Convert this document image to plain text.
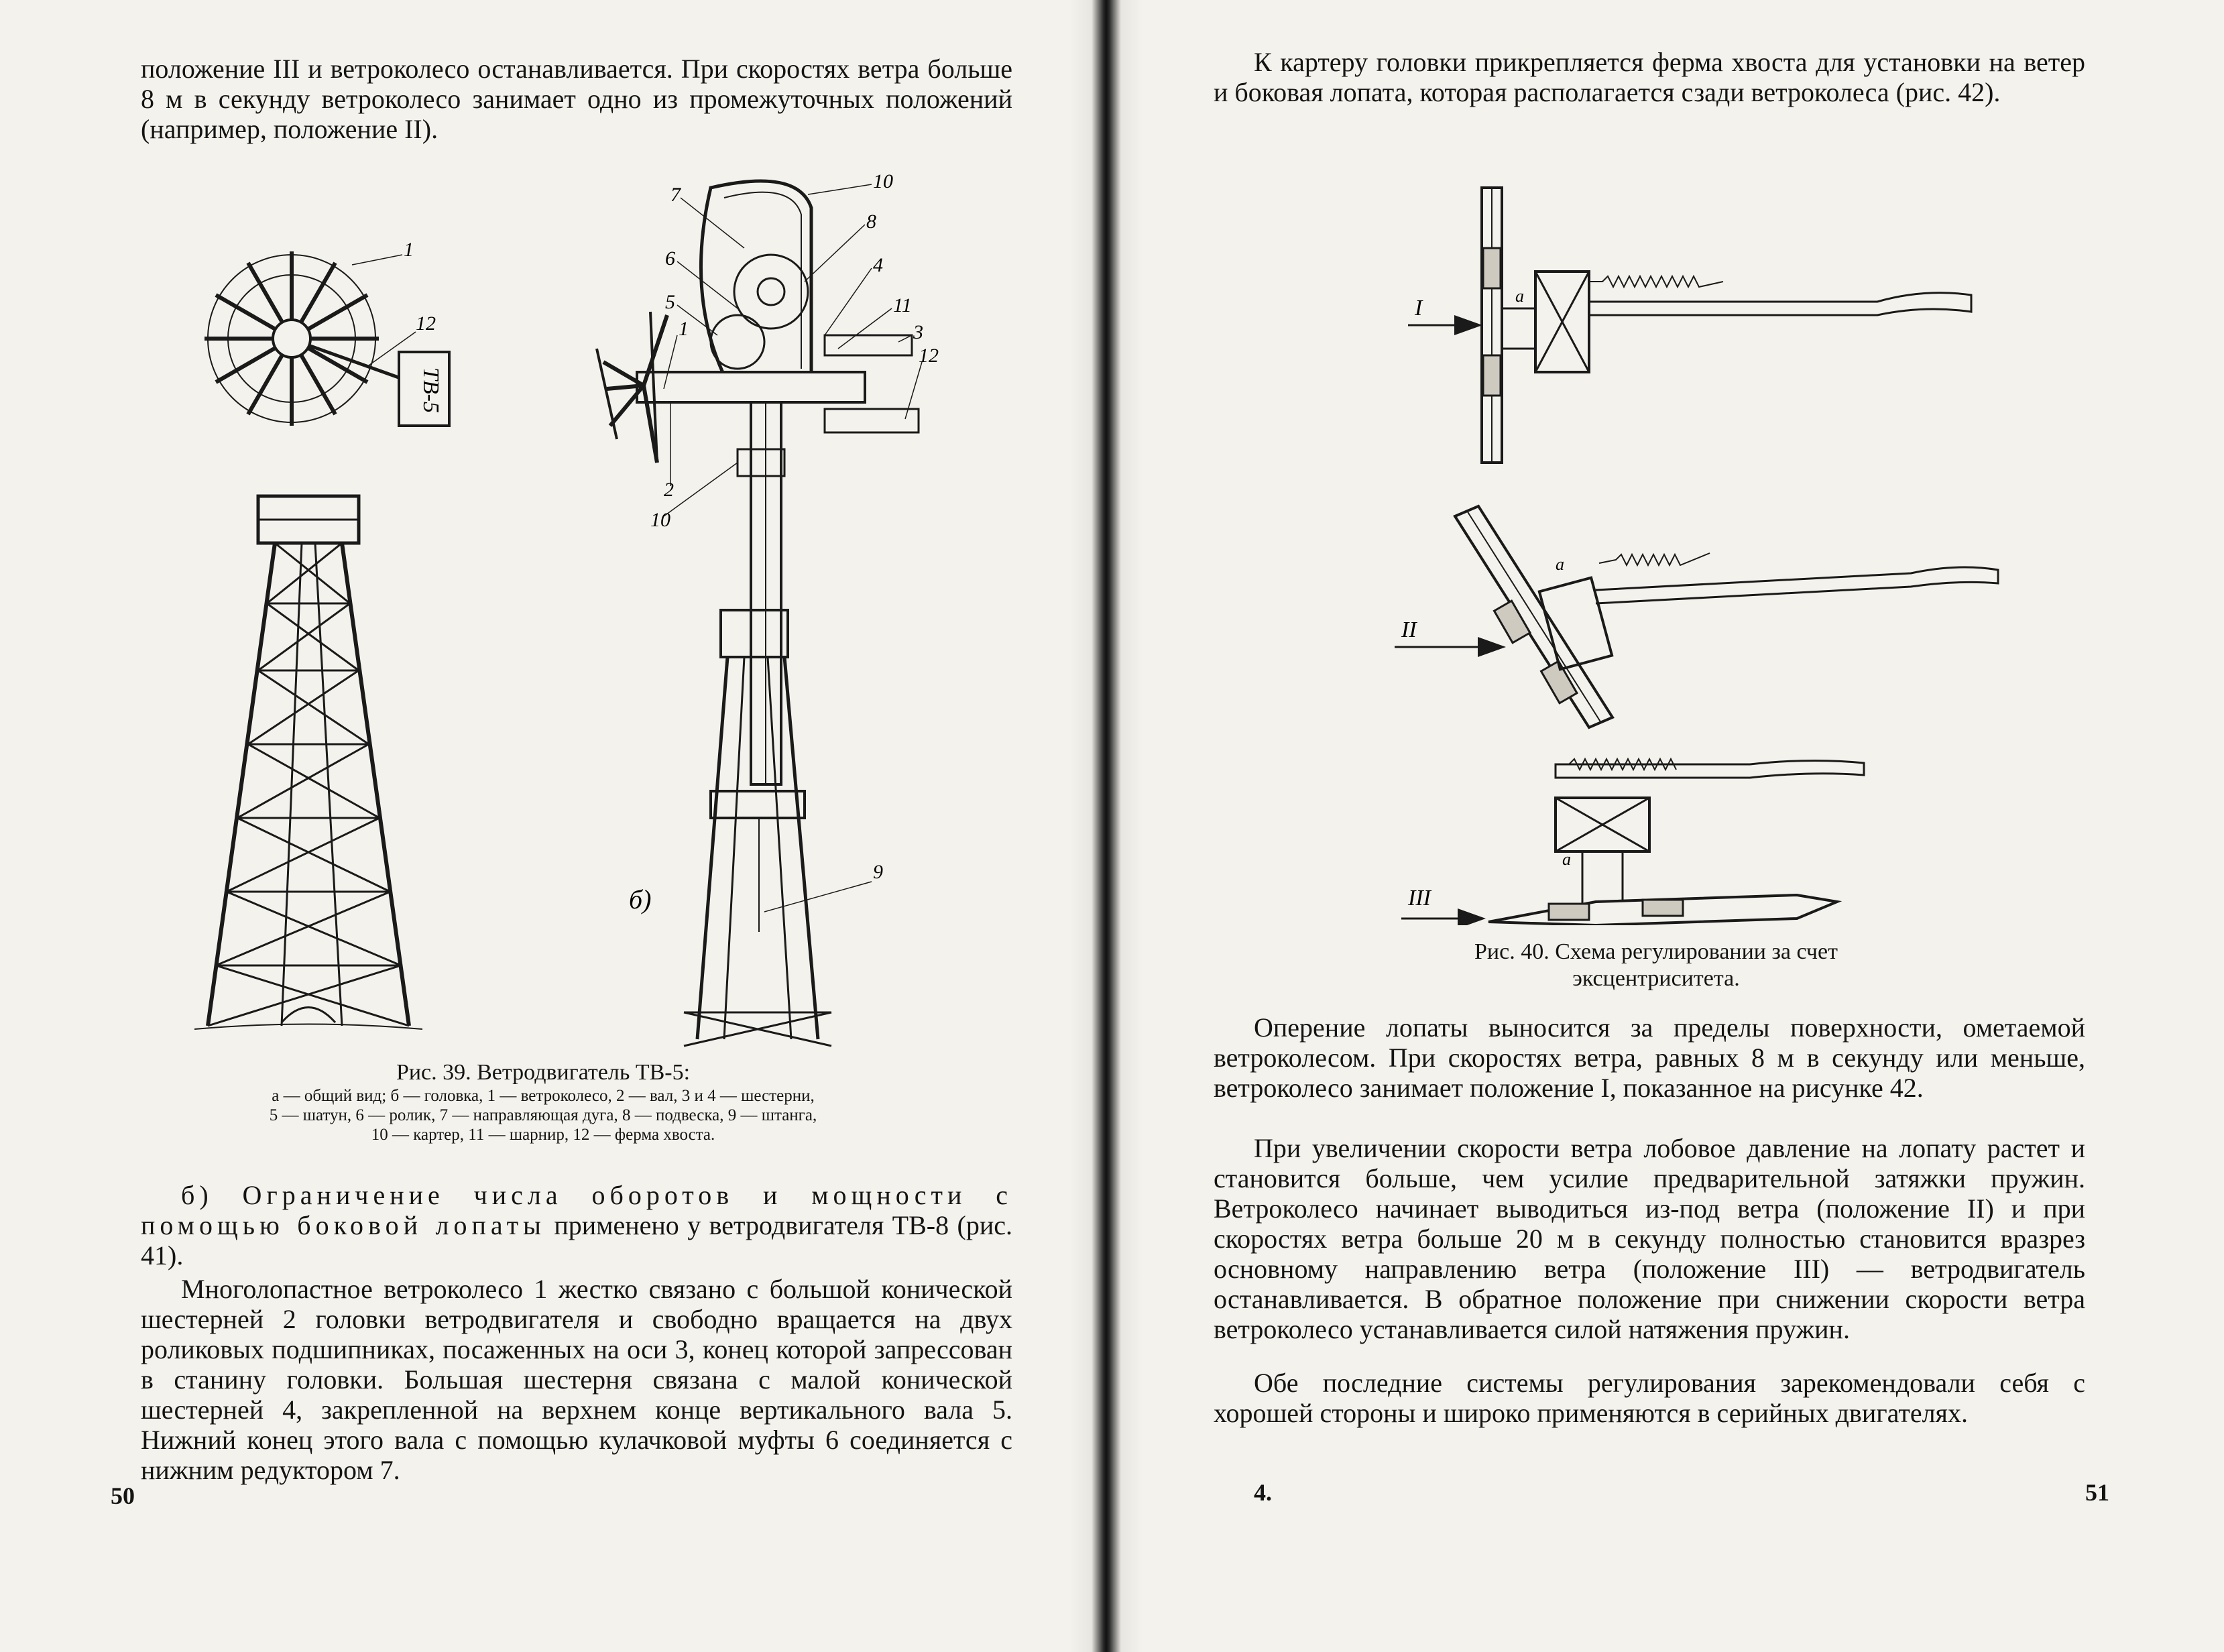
положение III и ветроколесо останавливается. При скоростях ветра больше 8 м в секунду ветроколесо занимает одно из промежуточных положений (например, положение II).

1
12
ТВ-5
10
7
8
6	4
5	11
1	3
12
2
10
9
б)
Рис. 39. Ветродвигатель ТВ-5:
а — общий вид; б — головка, 1 — ветроколесо, 2 — вал, 3 и 4 — шестерни,
5 — шатун, 6 — ролик, 7 — направляющая дуга, 8 — подвеска, 9 — штанга,
10 — картер, 11 — шарнир, 12 — ферма хвоста.

б) Ограничение числа оборотов и мощности с помощью боковой лопаты применено у ветродвигателя ТВ-8 (рис. 41).

Многолопастное ветроколесо 1 жестко связано с большой конической шестерней 2 головки ветродвигателя и свободно вращается на двух роликовых подшипниках, посаженных на оси 3, конец которой запрессован в станину головки. Большая шестерня связана с малой конической шестерней 4, закрепленной на верхнем конце вертикального вала 5. Нижний конец этого вала с помощью кулачковой муфты 6 соединяется с нижним редуктором 7.

50

К картеру головки прикрепляется ферма хвоста для установки на ветер и боковая лопата, которая располагается сзади ветроколеса (рис. 42).

I	а
II
а
III
а
Рис. 40. Схема регулировании за счет
эксцентриситета.

Оперение лопаты выносится за пределы поверхности, ометаемой ветроколесом. При скоростях ветра, равных 8 м в секунду или меньше, ветроколесо занимает положение I, показанное на рисунке 42.

При увеличении скорости ветра лобовое давление на лопату растет и становится больше, чем усилие предварительной затяжки пружин. Ветроколесо начинает выводиться из-под ветра (положение II) и при скоростях ветра больше 20 м в секунду полностью становится вразрез основному направлению ветра (положение III) — ветродвигатель останавливается. В обратное положение при снижении скорости ветра ветроколесо устанавливается силой натяжения пружин.

Обе последние системы регулирования зарекомендовали себя с хорошей стороны и широко применяются в серийных двигателях.

4.	51
